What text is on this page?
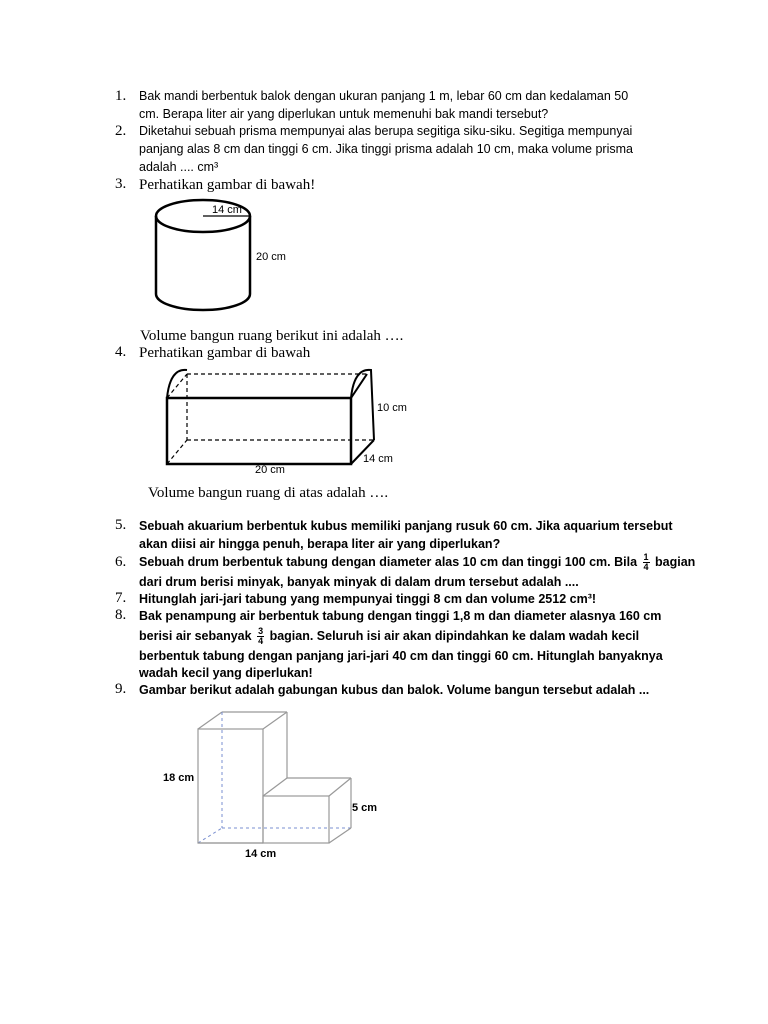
1. Bak mandi berbentuk balok dengan ukuran panjang 1 m, lebar 60 cm dan kedalaman 50
cm. Berapa liter air yang diperlukan untuk memenuhi bak mandi tersebut?
2. Diketahui sebuah prisma mempunyai alas berupa segitiga siku-siku. Segitiga mempunyai
panjang alas 8 cm dan tinggi 6 cm. Jika tinggi prisma adalah 10 cm, maka volume prisma
adalah .... cm³
3. Perhatikan gambar di bawah!
14 cm
20 cm
Volume bangun ruang berikut ini adalah ….
4. Perhatikan gambar di bawah
10 cm
14 cm
20 cm
Volume bangun ruang di atas adalah ….
5. Sebuah akuarium berbentuk kubus memiliki panjang rusuk 60 cm. Jika aquarium tersebut
akan diisi air hingga penuh, berapa liter air yang diperlukan?
6. Sebuah drum berbentuk tabung dengan diameter alas 10 cm dan tinggi 100 cm. Bila $\frac{1}{4}$ bagian
dari drum berisi minyak, banyak minyak di dalam drum tersebut adalah ....
7. Hitunglah jari-jari tabung yang mempunyai tinggi 8 cm dan volume 2512 cm³!
8. Bak penampung air berbentuk tabung dengan tinggi 1,8 m dan diameter alasnya 160 cm
berisi air sebanyak $\frac{3}{4}$ bagian. Seluruh isi air akan dipindahkan ke dalam wadah kecil
berbentuk tabung dengan panjang jari-jari 40 cm dan tinggi 60 cm. Hitunglah banyaknya
wadah kecil yang diperlukan!
9. Gambar berikut adalah gabungan kubus dan balok. Volume bangun tersebut adalah ...
18 cm
5 cm
14 cm
